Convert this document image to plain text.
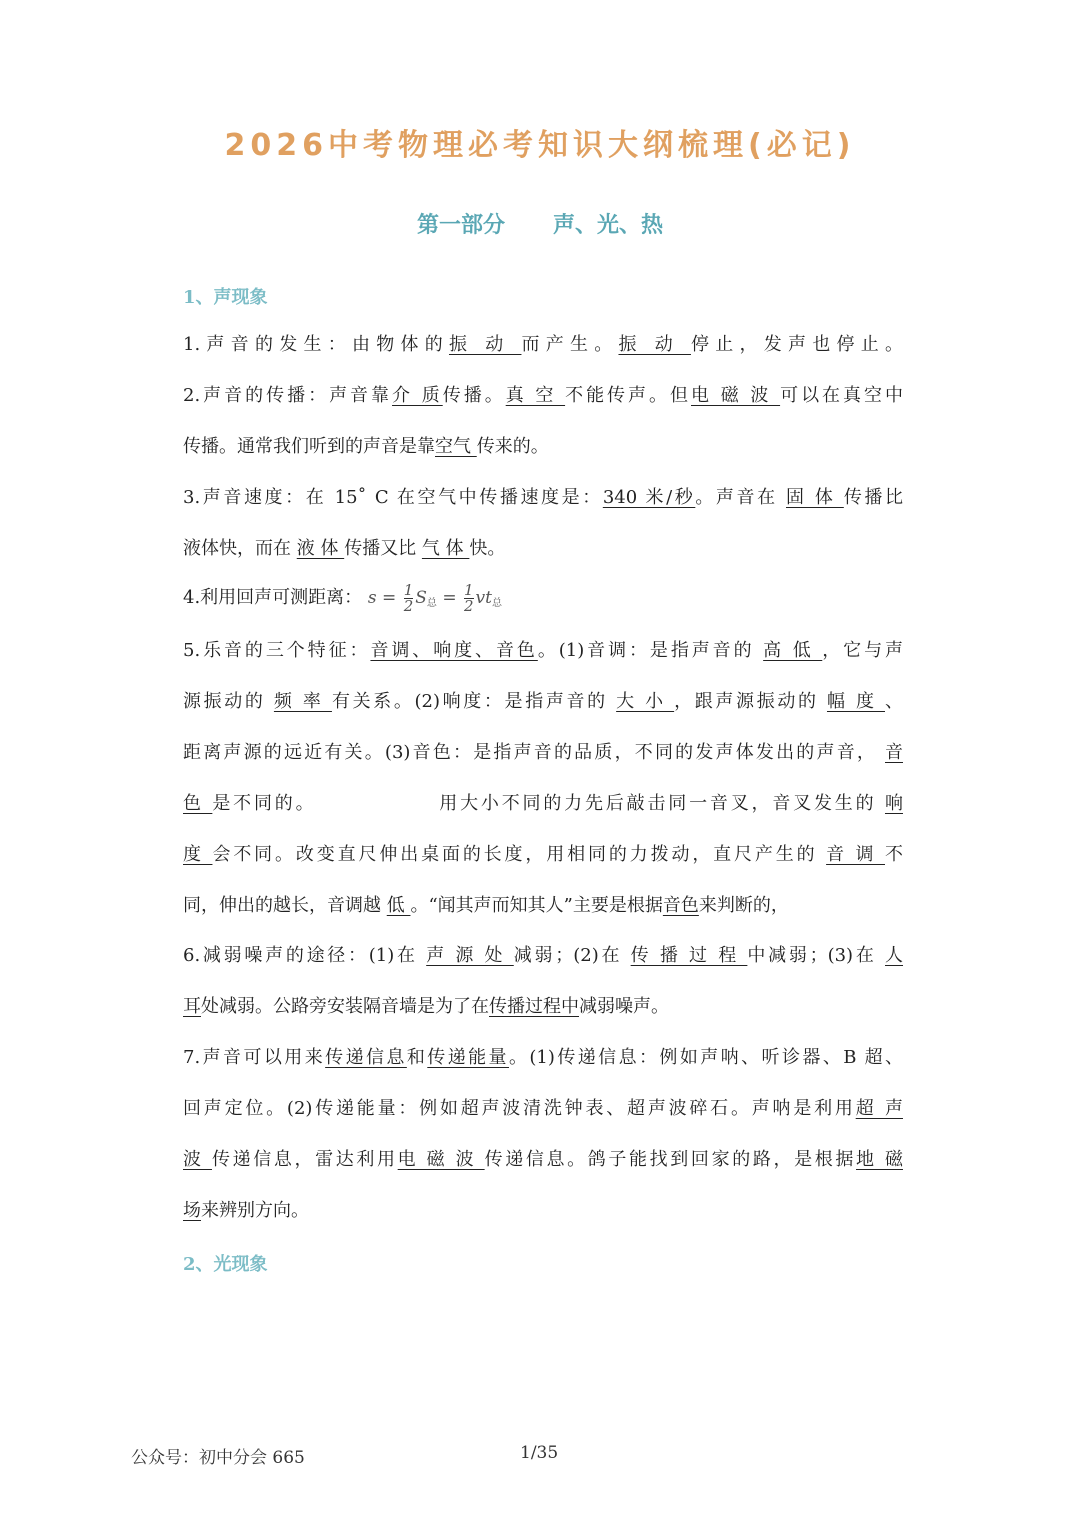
2026中考物理必考知识大纲梳理(必记)
第一部分 声、光、热
1、声现象
1.声音的发生：由物体的振 动 而产生。振 动 停止，发声也停止。
2.声音的传播：声音靠介 质传播。真 空 不能传声。但电 磁 波 可以在真空中
传播。通常我们听到的声音是靠空气 传来的。
3.声音速度：在 15˚ C 在空气中传播速度是：340 米/秒。声音在 固 体 传播比
液体快，而在 液 体 传播又比 气 体 快。
4.利用回声可测距离： $s = \frac{1}{2} S_总 = \frac{1}{2} vt_总$
5.乐音的三个特征：音调、响度、音色。(1)音调：是指声音的 高 低 ，它与声
源振动的 频 率 有关系。(2)响度：是指声音的 大 小 ，跟声源振动的 幅 度 、
距离声源的远近有关。(3)音色：是指声音的品质，不同的发声体发出的声音， 音
色 是不同的。	用大小不同的力先后敲击同一音叉，音叉发生的 响
度 会不同。改变直尺伸出桌面的长度，用相同的力拨动，直尺产生的 音 调 不
同，伸出的越长，音调越 低 。“闻其声而知其人”主要是根据音色来判断的，
6.减弱噪声的途径：(1)在 声 源 处 减弱；(2)在 传 播 过 程 中减弱；(3)在 人
耳处减弱。公路旁安装隔音墙是为了在传播过程中减弱噪声。
7.声音可以用来传递信息和传递能量。(1)传递信息：例如声呐、听诊器、B 超、
回声定位。(2)传递能量：例如超声波清洗钟表、超声波碎石。声呐是利用超 声
波 传递信息，雷达利用电 磁 波 传递信息。鸽子能找到回家的路，是根据地 磁
场来辨别方向。
2、光现象
公众号：初中分会 665	1/35
